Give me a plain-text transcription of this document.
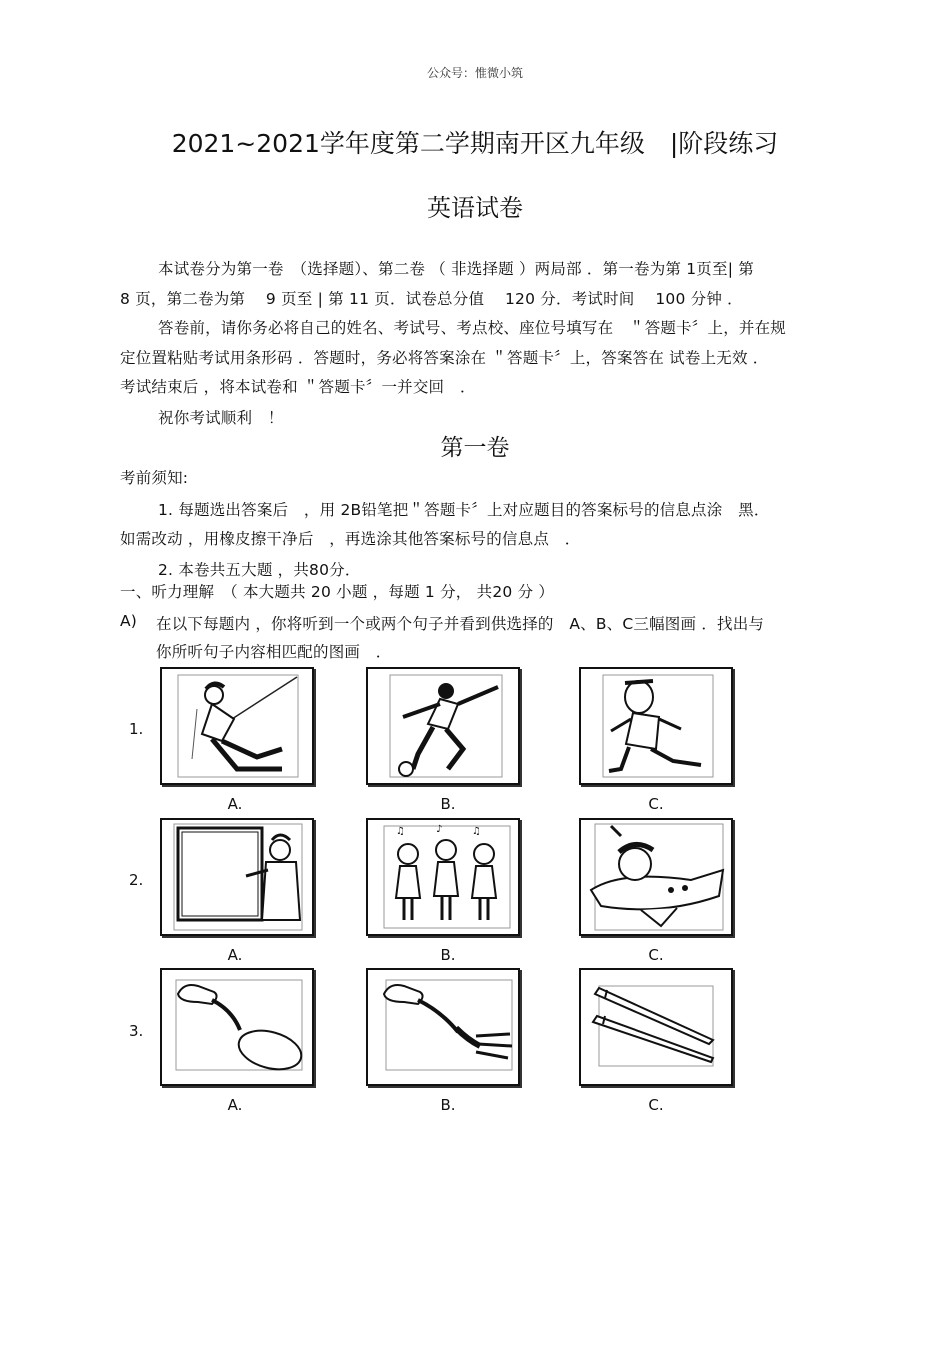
公众号：惟微小筑
2021~2021学年度第二学期南开区九年级　|阶段练习
英语试卷
本试卷分为第一卷　（选择题）、第二卷 （ 非选择题 ）两局部 ．第一卷为第 1页至| 第
8 页，第二卷为第　 9 页至 | 第 11 页．试卷总分值　 120 分．考试时间　 100 分钟 ．
答卷前，请你务必将自己的姓名、考试号、考点校、座位号填写在　＂答题卡〞上，并在规
定位置粘贴考试用条形码 ．答题时，务必将答案涂在 ＂答题卡〞上，答案答在 试卷上无效 ．
考试结束后 ，将本试卷和 ＂答题卡〞一并交回　．
祝你考试顺利　！
第一卷
考前须知:
1. 每题选出答案后　，用 2B铅笔把＂答题卡〞上对应题目的答案标号的信息点涂　黑．
如需改动 ，用橡皮擦干净后　，再选涂其他答案标号的信息点　．
2. 本卷共五大题 ，共80分．
一、听力理解　（ 本大题共 20 小题 ，每题 1 分， 共20 分 ）
A) 在以下每题内 ，你将听到一个或两个句子并看到供选择的　A、B、C三幅图画 ．找出与
你所听句子内容相匹配的图画　．
1.
A.	B.	C.
2.
A.
♫	♪	♫
B.	C.
3.
A.	B.	C.
